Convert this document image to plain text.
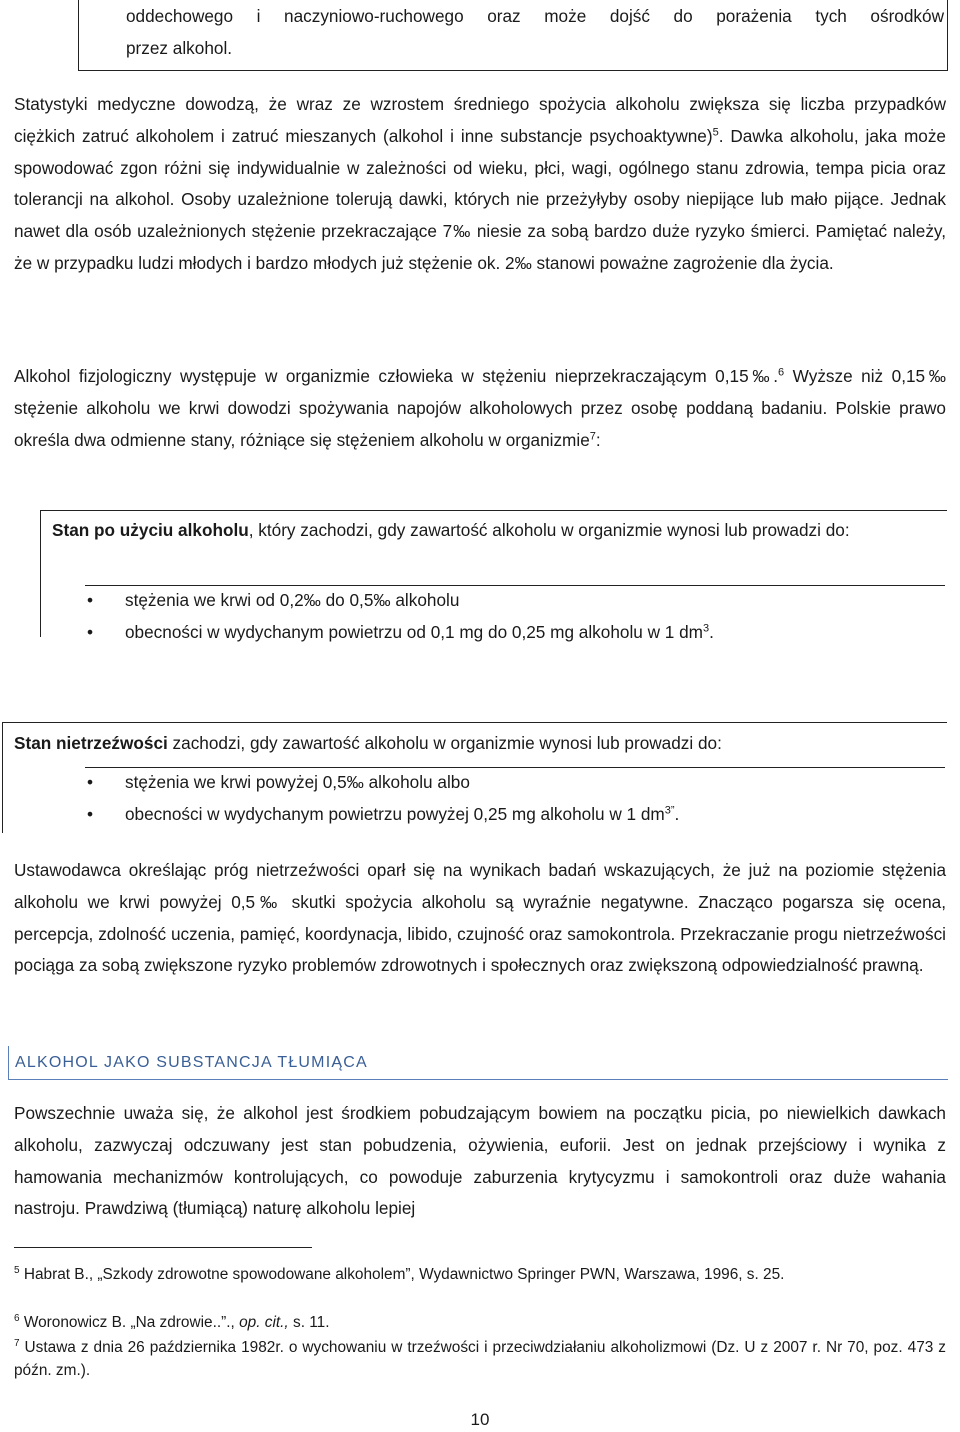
oddechowego i naczyniowo-ruchowego oraz może dojść do porażenia tych ośrodków

przez alkohol.

Statystyki medyczne dowodzą, że wraz ze wzrostem średniego spożycia alkoholu zwiększa się liczba przypadków ciężkich zatruć alkoholem i zatruć mieszanych (alkohol i inne substancje psychoaktywne)$^5$. Dawka alkoholu, jaka może spowodować zgon różni się indywidualnie w zależności od wieku, płci, wagi, ogólnego stanu zdrowia, tempa picia oraz tolerancji na alkohol. Osoby uzależnione tolerują dawki, których nie przeżyłyby osoby niepijące lub mało pijące. Jednak nawet dla osób uzależnionych stężenie przekraczające 7‰ niesie za sobą bardzo duże ryzyko śmierci. Pamiętać należy, że w przypadku ludzi młodych i bardzo młodych już stężenie ok. 2‰ stanowi poważne zagrożenie dla życia.

Alkohol fizjologiczny występuje w organizmie człowieka w stężeniu nieprzekraczającym 0,15‰.$^6$ Wyższe niż 0,15‰ stężenie alkoholu we krwi dowodzi spożywania napojów alkoholowych przez osobę poddaną badaniu. Polskie prawo określa dwa odmienne stany, różniące się stężeniem alkoholu w organizmie$^7$:

Stan po użyciu alkoholu, który zachodzi, gdy zawartość alkoholu w organizmie wynosi lub prowadzi do:

• stężenia we krwi od 0,2‰ do 0,5‰ alkoholu
• obecności w wydychanym powietrzu od 0,1 mg do 0,25 mg alkoholu w 1 $dm^3$.

Stan nietrzeźwości zachodzi, gdy zawartość alkoholu w organizmie wynosi lub prowadzi do:

• stężenia we krwi powyżej 0,5‰ alkoholu albo
• obecności w wydychanym powietrzu powyżej 0,25 mg alkoholu w 1 $dm^{3”}$.

Ustawodawca określając próg nietrzeźwości oparł się na wynikach badań wskazujących, że już na poziomie stężenia alkoholu we krwi powyżej 0,5‰ skutki spożycia alkoholu są wyraźnie negatywne. Znacząco pogarsza się ocena, percepcja, zdolność uczenia, pamięć, koordynacja, libido, czujność oraz samokontrola. Przekraczanie progu nietrzeźwości pociąga za sobą zwiększone ryzyko problemów zdrowotnych i społecznych oraz zwiększoną odpowiedzialność prawną.

ALKOHOL JAKO SUBSTANCJA TŁUMIĄCA

Powszechnie uważa się, że alkohol jest środkiem pobudzającym bowiem na początku picia, po niewielkich dawkach alkoholu, zazwyczaj odczuwany jest stan pobudzenia, ożywienia, euforii. Jest on jednak przejściowy i wynika z hamowania mechanizmów kontrolujących, co powoduje zaburzenia krytycyzmu i samokontroli oraz duże wahania nastroju. Prawdziwą (tłumiącą) naturę alkoholu lepiej

$^5$ Habrat B., „Szkody zdrowotne spowodowane alkoholem”, Wydawnictwo Springer PWN, Warszawa, 1996, s. 25.

$^6$ Woronowicz B. „Na zdrowie..”., op. cit., s. 11.

$^7$ Ustawa z dnia 26 października 1982r. o wychowaniu w trzeźwości i przeciwdziałaniu alkoholizmowi (Dz. U z 2007 r. Nr 70, poz. 473 z późn. zm.).

10
